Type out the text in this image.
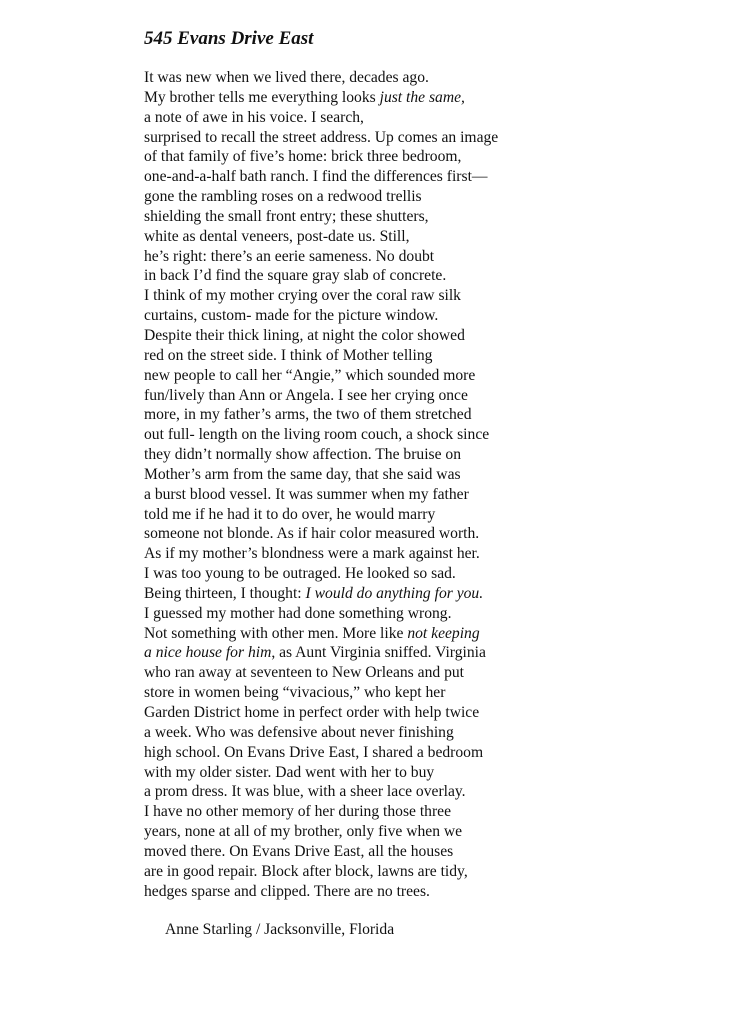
545 Evans Drive East
It was new when we lived there, decades ago.
My brother tells me everything looks just the same,
a note of awe in his voice. I search,
surprised to recall the street address. Up comes an image
of that family of five’s home: brick three bedroom,
one-and-a-half bath ranch. I find the differences first—
gone the rambling roses on a redwood trellis
shielding the small front entry; these shutters,
white as dental veneers, post-date us. Still,
he’s right: there’s an eerie sameness. No doubt
in back I’d find the square gray slab of concrete.
I think of my mother crying over the coral raw silk
curtains, custom- made for the picture window.
Despite their thick lining, at night the color showed
red on the street side. I think of Mother telling
new people to call her “Angie,” which sounded more
fun/lively than Ann or Angela. I see her crying once
more, in my father’s arms, the two of them stretched
out full- length on the living room couch, a shock since
they didn’t normally show affection. The bruise on
Mother’s arm from the same day, that she said was
a burst blood vessel. It was summer when my father
told me if he had it to do over, he would marry
someone not blonde. As if hair color measured worth.
As if my mother’s blondness were a mark against her.
I was too young to be outraged. He looked so sad.
Being thirteen, I thought: I would do anything for you.
I guessed my mother had done something wrong.
Not something with other men. More like not keeping
a nice house for him, as Aunt Virginia sniffed. Virginia
who ran away at seventeen to New Orleans and put
store in women being “vivacious,” who kept her
Garden District home in perfect order with help twice
a week. Who was defensive about never finishing
high school. On Evans Drive East, I shared a bedroom
with my older sister. Dad went with her to buy
a prom dress. It was blue, with a sheer lace overlay.
I have no other memory of her during those three
years, none at all of my brother, only five when we
moved there. On Evans Drive East, all the houses
are in good repair. Block after block, lawns are tidy,
hedges sparse and clipped. There are no trees.
Anne Starling / Jacksonville, Florida
